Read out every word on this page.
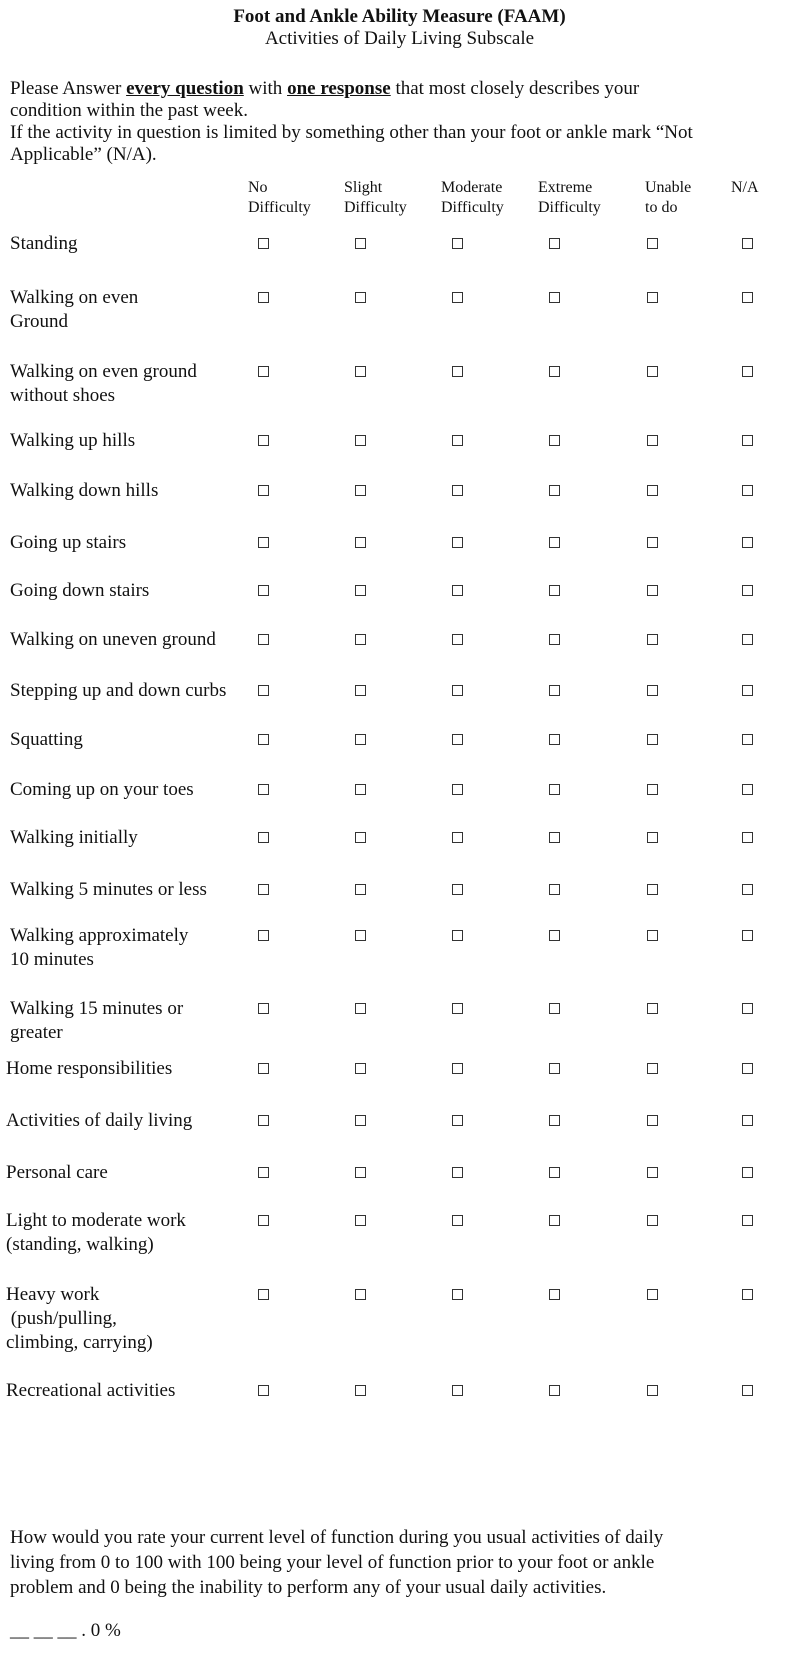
Foot and Ankle Ability Measure (FAAM)
Activities of Daily Living Subscale
Please Answer every question with one response that most closely describes your
condition within the past week.
If the activity in question is limited by something other than your foot or ankle mark “Not
Applicable” (N/A).
No
Difficulty
Slight
Difficulty
Moderate
Difficulty
Extreme
Difficulty
Unable
to do
N/A
Standing
Walking on even
Ground
Walking on even ground
without shoes
Walking up hills
Walking down hills
Going up stairs
Going down stairs
Walking on uneven ground
Stepping up and down curbs
Squatting
Coming up on your toes
Walking initially
Walking 5 minutes or less
Walking approximately
10 minutes
Walking 15 minutes or
greater
Home responsibilities
Activities of daily living
Personal care
Light to moderate work
(standing, walking)
Heavy work
(push/pulling,
climbing, carrying)
Recreational activities
How would you rate your current level of function during you usual activities of daily
living from 0 to 100 with 100 being your level of function prior to your foot or ankle
problem and 0 being the inability to perform any of your usual daily activities.
__ __ __ . 0 %
